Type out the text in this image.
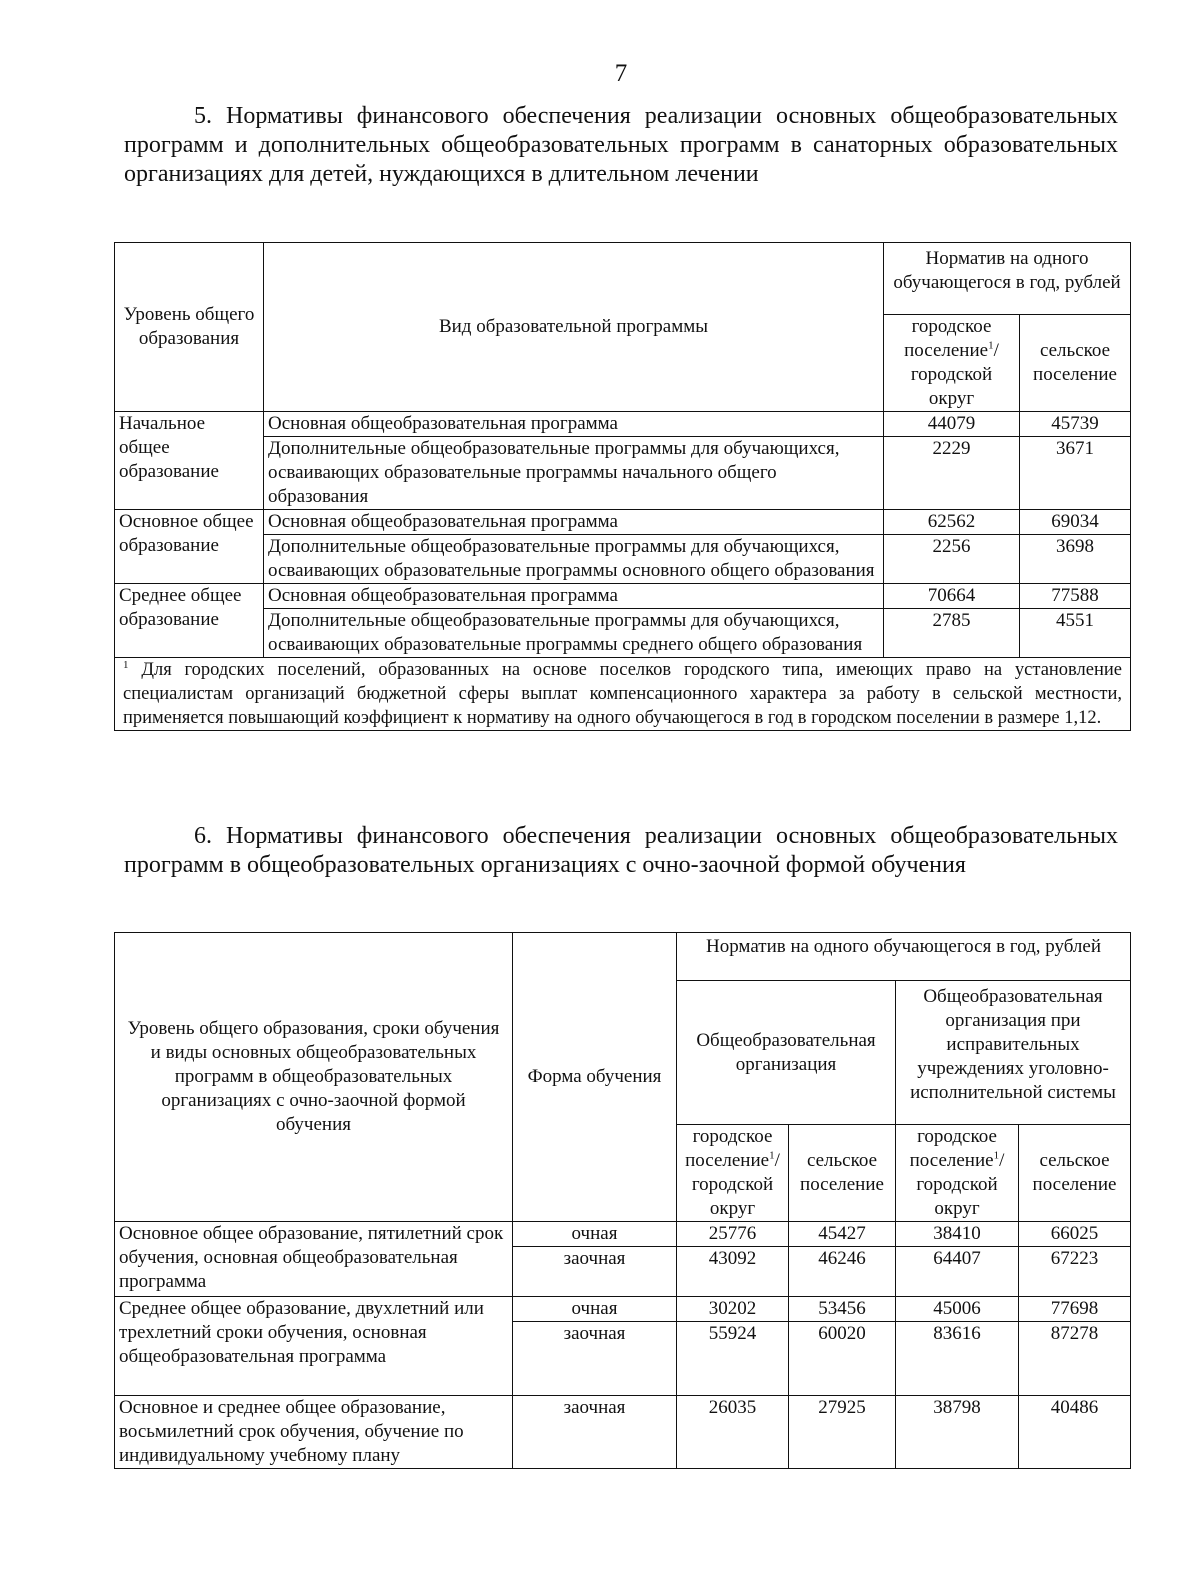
7
5. Нормативы финансового обеспечения реализации основных общеобразовательных программ и дополнительных общеобразовательных программ в санаторных образовательных организациях для детей, нуждающихся в длительном лечении
Уровень общего образования	Вид образовательной программы	Норматив на одного обучающегося в год, рублей	
		городское поселение$^1$/ городской округ	сельское поселение
Начальное общее образование	Основная общеобразовательная программа	44079	45739
	Дополнительные общеобразовательные программы для обучающихся, осваивающих образовательные программы начального общего образования	2229	3671
Основное общее образование	Основная общеобразовательная программа	62562	69034
	Дополнительные общеобразовательные программы для обучающихся, осваивающих образовательные программы основного общего образования	2256	3698
Среднее общее образование	Основная общеобразовательная программа	70664	77588
	Дополнительные общеобразовательные программы для обучающихся, осваивающих образовательные программы среднего общего образования	2785	4551
$^1$ Для городских поселений, образованных на основе поселков городского типа, имеющих право на установление специалистам организаций бюджетной сферы выплат компенсационного характера за работу в сельской местности, применяется повышающий коэффициент к нормативу на одного обучающегося в год в городском поселении в размере 1,12.			
6. Нормативы финансового обеспечения реализации основных общеобразовательных программ в общеобразовательных организациях с очно-заочной формой обучения
Уровень общего образования, сроки обучения и виды основных общеобразовательных программ в общеобразовательных организациях с очно-заочной формой обучения	Форма обучения	Норматив на одного обучающегося в год, рублей			
		Общеобразовательная организация		Общеобразовательная организация при исправительных учреждениях уголовно-исполнительной системы	
		городское поселение$^1$/ городской округ	сельское поселение	городское поселение$^1$/ городской округ	сельское поселение
Основное общее образование, пятилетний срок обучения, основная общеобразовательная программа	очная	25776	45427	38410	66025
	заочная	43092	46246	64407	67223
Среднее общее образование, двухлетний или трехлетний сроки обучения, основная общеобразовательная программа	очная	30202	53456	45006	77698
	заочная	55924	60020	83616	87278
Основное и среднее общее образование, восьмилетний срок обучения, обучение по индивидуальному учебному плану	заочная	26035	27925	38798	40486
